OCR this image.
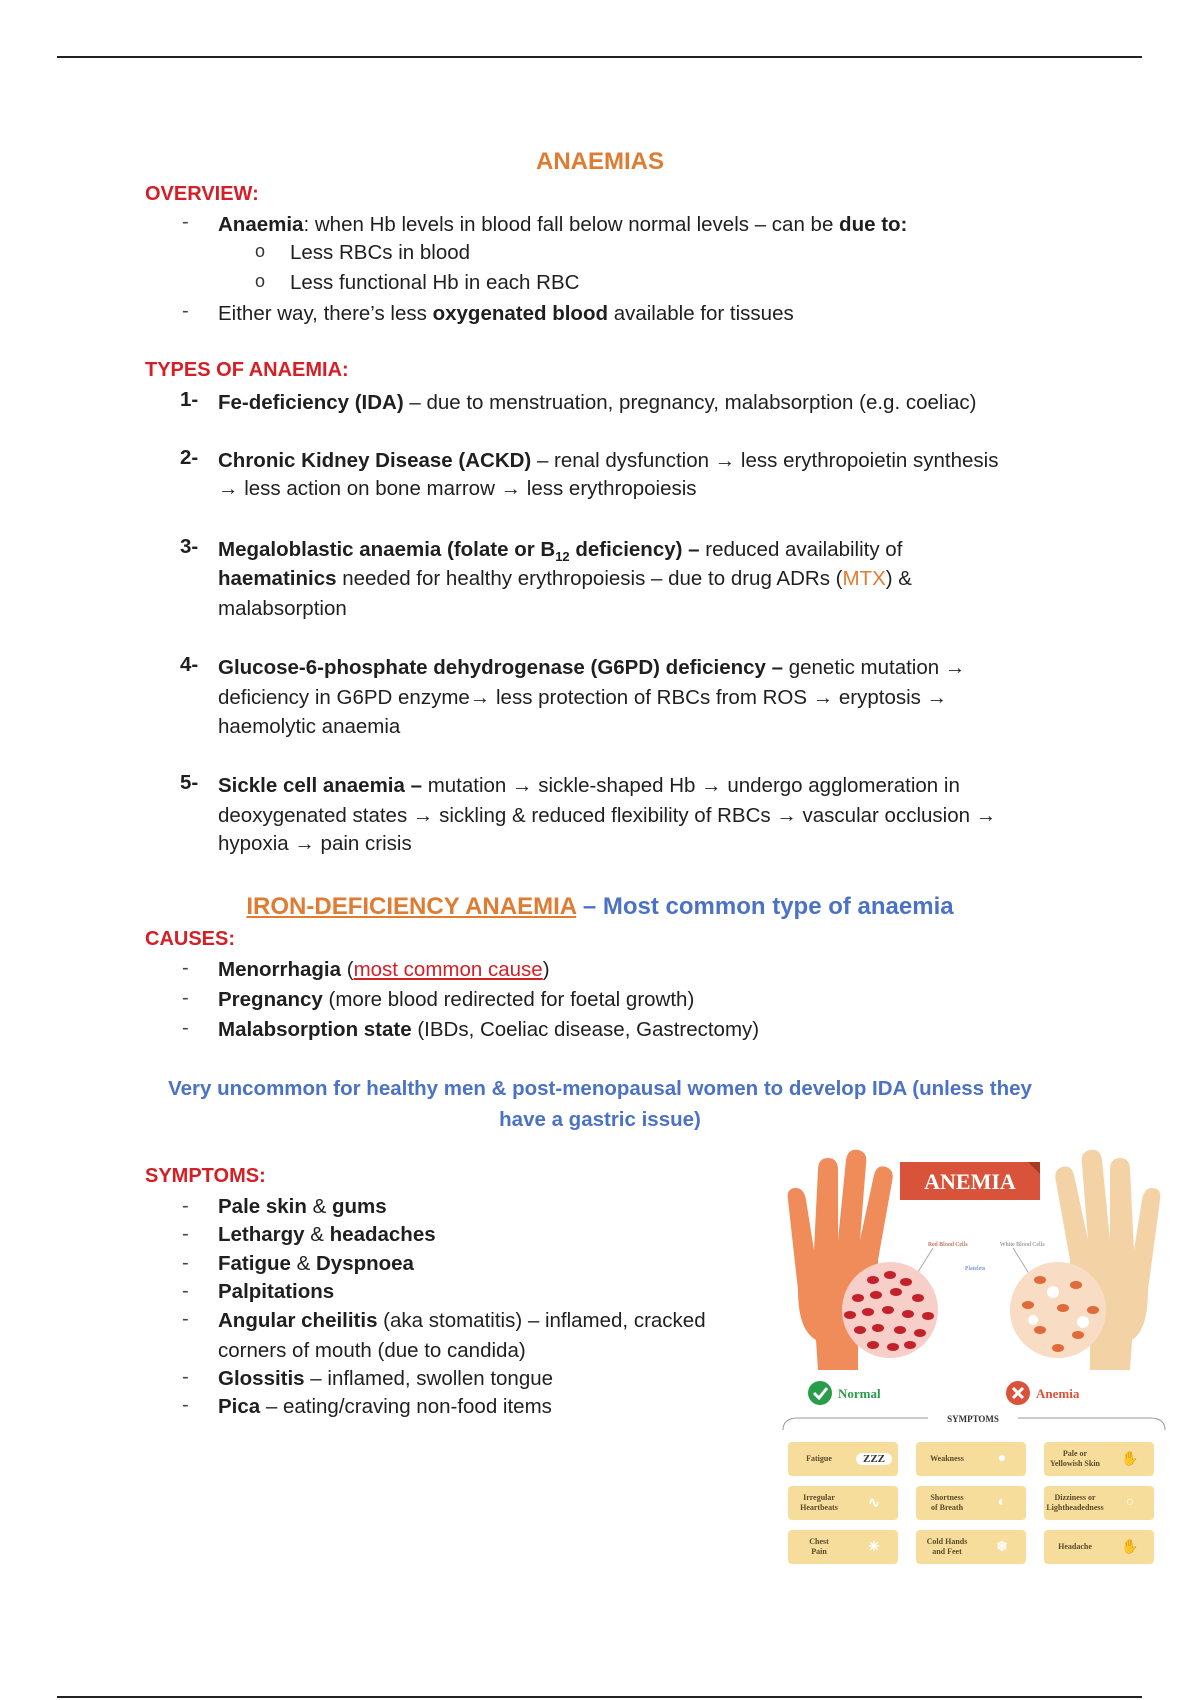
ANAEMIAS
OVERVIEW:
- Anaemia: when Hb levels in blood fall below normal levels – can be due to:
o Less RBCs in blood
o Less functional Hb in each RBC
- Either way, there’s less oxygenated blood available for tissues
TYPES OF ANAEMIA:
1- Fe-deficiency (IDA) – due to menstruation, pregnancy, malabsorption (e.g. coeliac)
2- Chronic Kidney Disease (ACKD) – renal dysfunction → less erythropoietin synthesis
→ less action on bone marrow → less erythropoiesis
3- Megaloblastic anaemia (folate or $B_{12}$ deficiency) – reduced availability of
haematinics needed for healthy erythropoiesis – due to drug ADRs (MTX) &
malabsorption
4- Glucose-6-phosphate dehydrogenase (G6PD) deficiency – genetic mutation →
deficiency in G6PD enzyme→ less protection of RBCs from ROS → eryptosis →
haemolytic anaemia
5- Sickle cell anaemia – mutation → sickle-shaped Hb → undergo agglomeration in
deoxygenated states → sickling & reduced flexibility of RBCs → vascular occlusion →
hypoxia → pain crisis
IRON-DEFICIENCY ANAEMIA – Most common type of anaemia
CAUSES:
- Menorrhagia (most common cause)
- Pregnancy (more blood redirected for foetal growth)
- Malabsorption state (IBDs, Coeliac disease, Gastrectomy)
Very uncommon for healthy men & post-menopausal women to develop IDA (unless they
have a gastric issue)
SYMPTOMS:
- Pale skin & gums
- Lethargy & headaches
- Fatigue & Dyspnoea
- Palpitations
- Angular cheilitis (aka stomatitis) – inflamed, cracked
corners of mouth (due to candida)
- Glossitis – inflamed, swollen tongue
- Pica – eating/craving non-food items
ANEMIA
Red Blood Cells	White Blood Cells
Platelets
Normal	Anemia
SYMPTOMS
Fatigue	ZZZ	Weakness	●	Pale or
Yellowish Skin	✋
Irregular
Heartbeats	∿	Shortness
of Breath	◐	Dizziness or
Lightheadedness	○
Chest
Pain	✳	Cold Hands
and Feet	❄	Headache	✋
